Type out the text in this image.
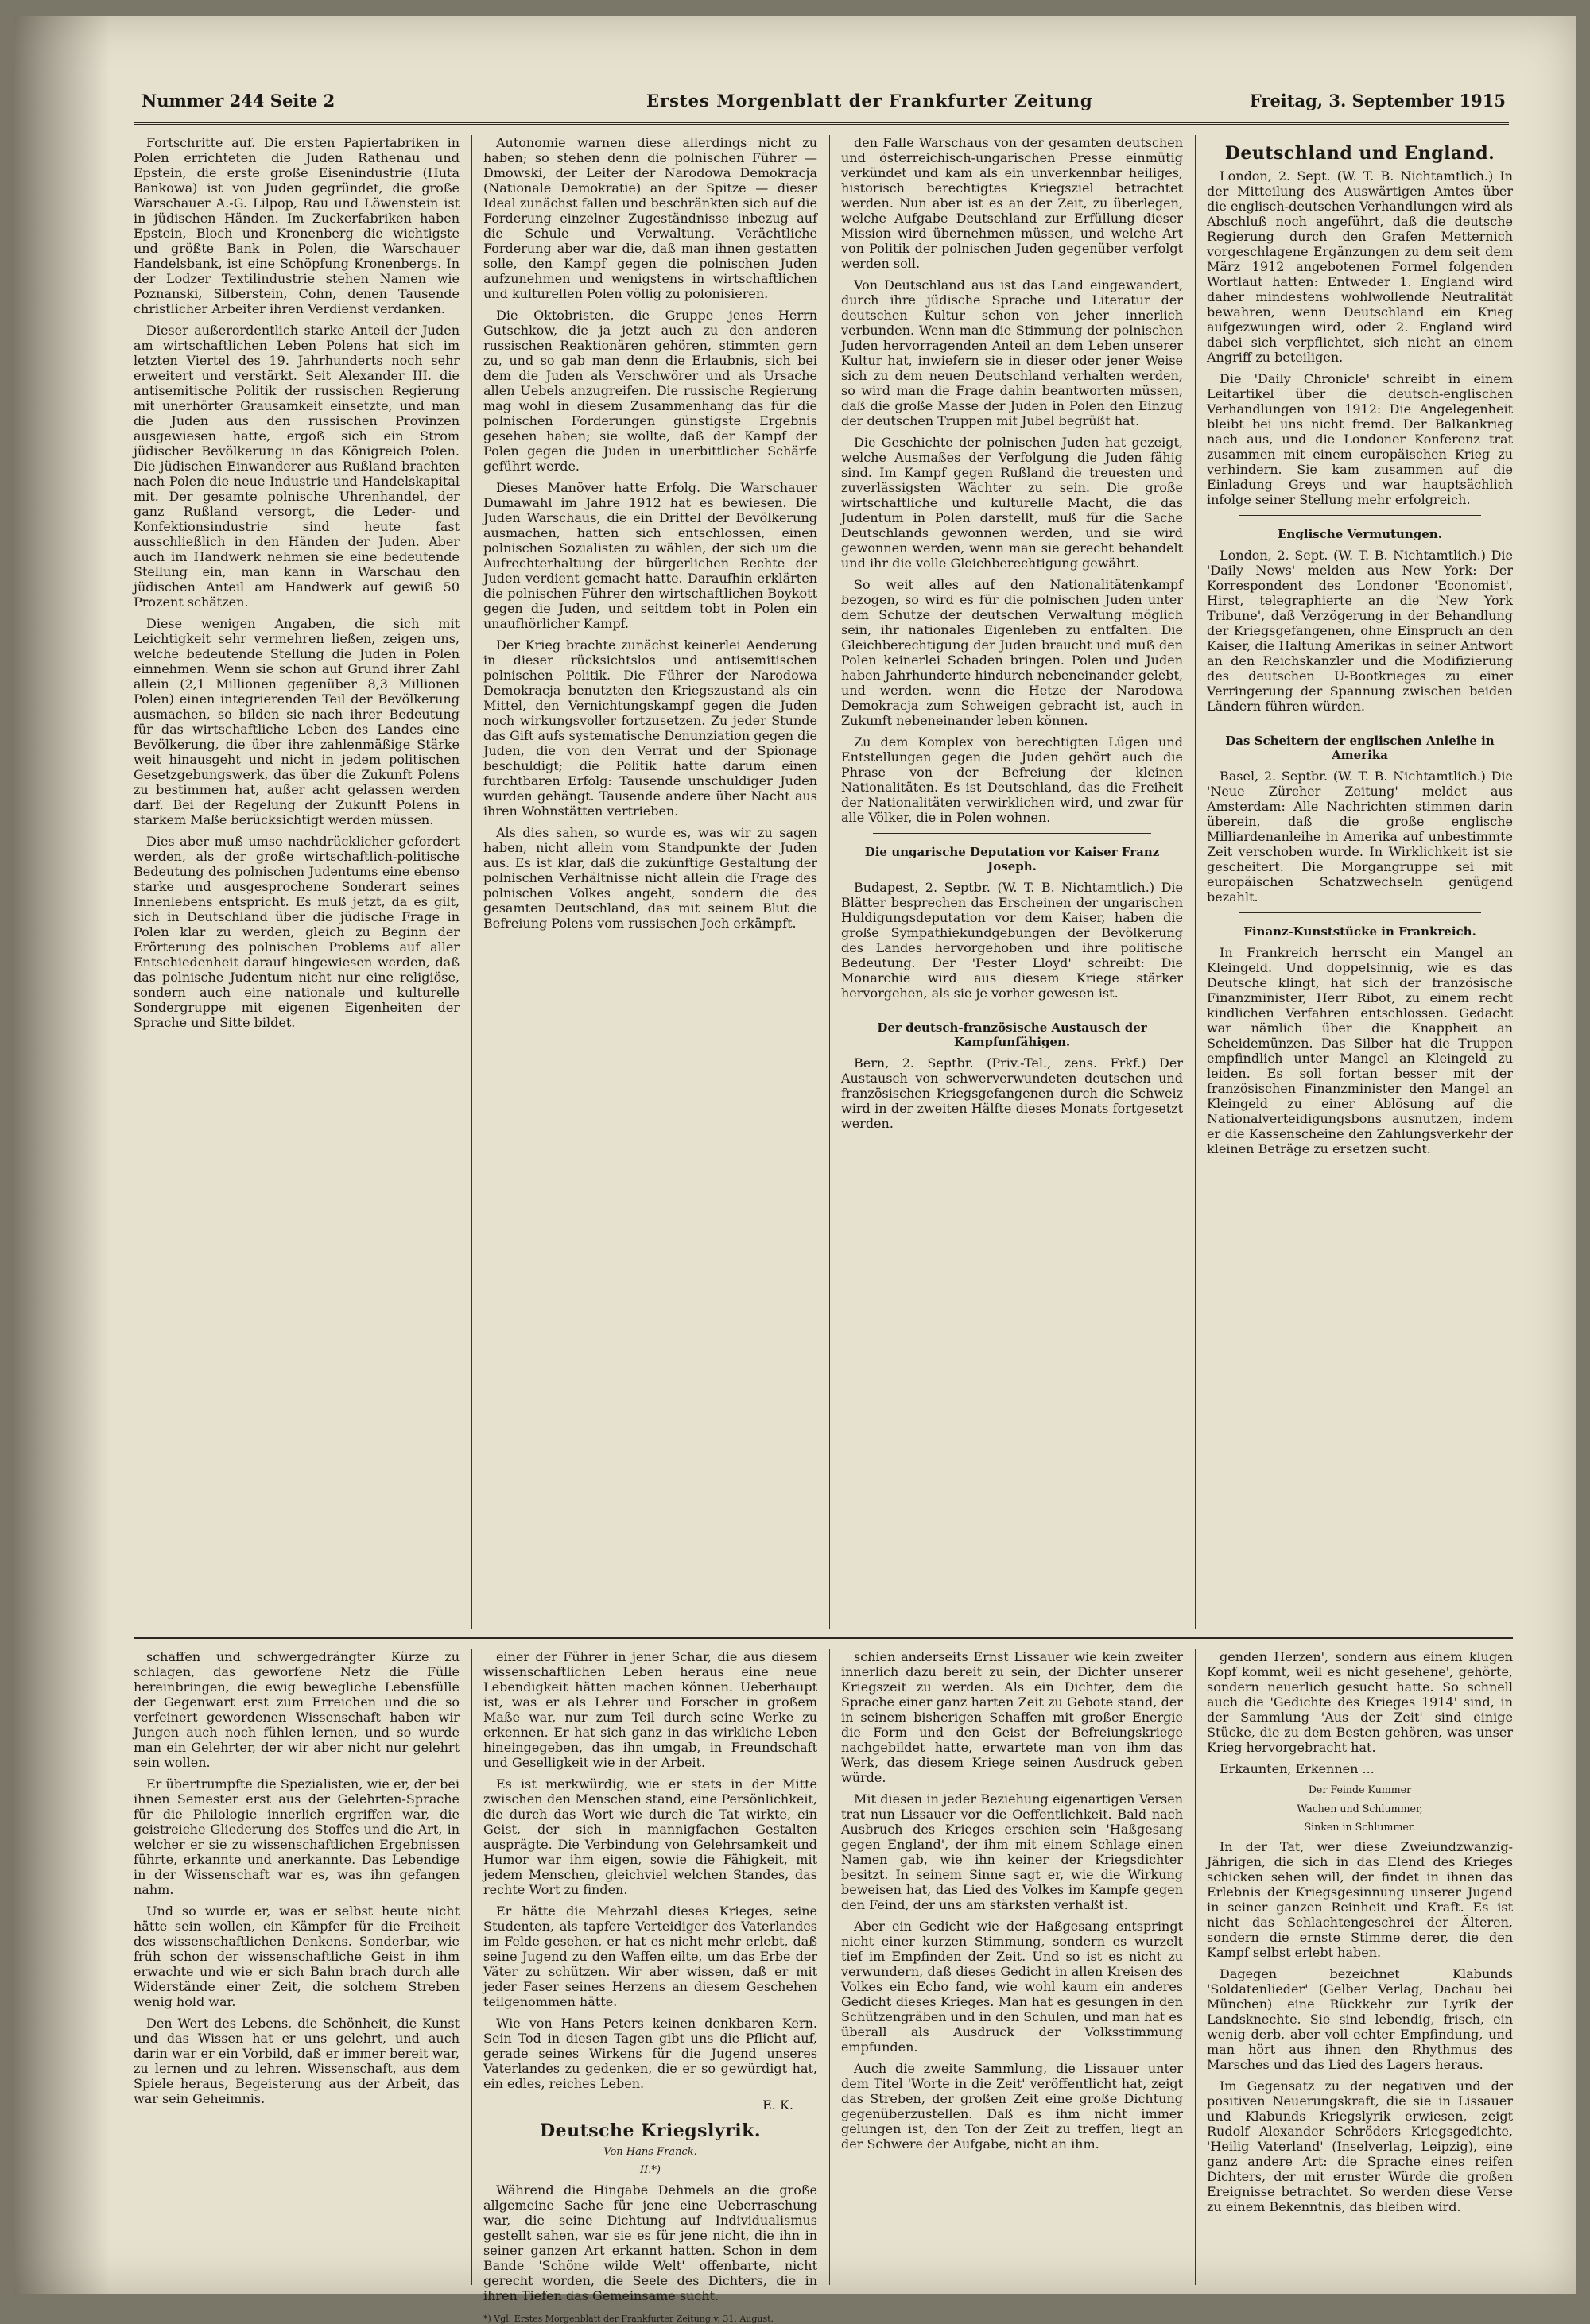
Nummer 244 Seite 2	Erstes Morgenblatt der Frankfurter Zeitung	Freitag, 3. September 1915

Fortschritte auf. Die ersten Papierfabriken in Polen errichteten die Juden Rathenau und Epstein, die erste große Eisenindustrie (Huta Bankowa) ist von Juden gegründet, die große Warschauer A.-G. Lilpop, Rau und Löwenstein ist in jüdischen Händen. Im Zuckerfabriken haben Epstein, Bloch und Kronenberg die wichtigste und größte Bank in Polen, die Warschauer Handelsbank, ist eine Schöpfung Kronenbergs. In der Lodzer Textilindustrie stehen Namen wie Poznanski, Silberstein, Cohn, denen Tausende christlicher Arbeiter ihren Verdienst verdanken.

Dieser außerordentlich starke Anteil der Juden am wirtschaftlichen Leben Polens hat sich im letzten Viertel des 19. Jahrhunderts noch sehr erweitert und verstärkt. Seit Alexander III. die antisemitische Politik der russischen Regierung mit unerhörter Grausamkeit einsetzte, und man die Juden aus den russischen Provinzen ausgewiesen hatte, ergoß sich ein Strom jüdischer Bevölkerung in das Königreich Polen. Die jüdischen Einwanderer aus Rußland brachten nach Polen die neue Industrie und Handelskapital mit. Der gesamte polnische Uhrenhandel, der ganz Rußland versorgt, die Leder- und Konfektionsindustrie sind heute fast ausschließlich in den Händen der Juden. Aber auch im Handwerk nehmen sie eine bedeutende Stellung ein, man kann in Warschau den jüdischen Anteil am Handwerk auf gewiß 50 Prozent schätzen.

Diese wenigen Angaben, die sich mit Leichtigkeit sehr vermehren ließen, zeigen uns, welche bedeutende Stellung die Juden in Polen einnehmen. Wenn sie schon auf Grund ihrer Zahl allein (2,1 Millionen gegenüber 8,3 Millionen Polen) einen integrierenden Teil der Bevölkerung ausmachen, so bilden sie nach ihrer Bedeutung für das wirtschaftliche Leben des Landes eine Bevölkerung, die über ihre zahlenmäßige Stärke weit hinausgeht und nicht in jedem politischen Gesetzgebungswerk, das über die Zukunft Polens zu bestimmen hat, außer acht gelassen werden darf. Bei der Regelung der Zukunft Polens in starkem Maße berücksichtigt werden müssen.

Dies aber muß umso nachdrücklicher gefordert werden, als der große wirtschaftlich-politische Bedeutung des polnischen Judentums eine ebenso starke und ausgesprochene Sonderart seines Innenlebens entspricht. Es muß jetzt, da es gilt, sich in Deutschland über die jüdische Frage in Polen klar zu werden, gleich zu Beginn der Erörterung des polnischen Problems auf aller Entschiedenheit darauf hingewiesen werden, daß das polnische Judentum nicht nur eine religiöse, sondern auch eine nationale und kulturelle Sondergruppe mit eigenen Eigenheiten der Sprache und Sitte bildet.

Autonomie warnen diese allerdings nicht zu haben; so stehen denn die polnischen Führer — Dmowski, der Leiter der Narodowa Demokracja (Nationale Demokratie) an der Spitze — dieser Ideal zunächst fallen und beschränkten sich auf die Forderung einzelner Zugeständnisse inbezug auf die Schule und Verwaltung. Verächtliche Forderung aber war die, daß man ihnen gestatten solle, den Kampf gegen die polnischen Juden aufzunehmen und wenigstens in wirtschaftlichen und kulturellen Polen völlig zu polonisieren.

Die Oktobristen, die Gruppe jenes Herrn Gutschkow, die ja jetzt auch zu den anderen russischen Reaktionären gehören, stimmten gern zu, und so gab man denn die Erlaubnis, sich bei dem die Juden als Verschwörer und als Ursache allen Uebels anzugreifen. Die russische Regierung mag wohl in diesem Zusammenhang das für die polnischen Forderungen günstigste Ergebnis gesehen haben; sie wollte, daß der Kampf der Polen gegen die Juden in unerbittlicher Schärfe geführt werde.

Dieses Manöver hatte Erfolg. Die Warschauer Dumawahl im Jahre 1912 hat es bewiesen. Die Juden Warschaus, die ein Drittel der Bevölkerung ausmachen, hatten sich entschlossen, einen polnischen Sozialisten zu wählen, der sich um die Aufrechterhaltung der bürgerlichen Rechte der Juden verdient gemacht hatte. Daraufhin erklärten die polnischen Führer den wirtschaftlichen Boykott gegen die Juden, und seitdem tobt in Polen ein unaufhörlicher Kampf.

Der Krieg brachte zunächst keinerlei Aenderung in dieser rücksichtslos und antisemitischen polnischen Politik. Die Führer der Narodowa Demokracja benutzten den Kriegszustand als ein Mittel, den Vernichtungskampf gegen die Juden noch wirkungsvoller fortzusetzen. Zu jeder Stunde das Gift aufs systematische Denunziation gegen die Juden, die von den Verrat und der Spionage beschuldigt; die Politik hatte darum einen furchtbaren Erfolg: Tausende unschuldiger Juden wurden gehängt. Tausende andere über Nacht aus ihren Wohnstätten vertrieben.

Als dies sahen, so wurde es, was wir zu sagen haben, nicht allein vom Standpunkte der Juden aus. Es ist klar, daß die zukünftige Gestaltung der polnischen Verhältnisse nicht allein die Frage des polnischen Volkes angeht, sondern die des gesamten Deutschland, das mit seinem Blut die Befreiung Polens vom russischen Joch erkämpft.

den Falle Warschaus von der gesamten deutschen und österreichisch-ungarischen Presse einmütig verkündet und kam als ein unverkennbar heiliges, historisch berechtigtes Kriegsziel betrachtet werden. Nun aber ist es an der Zeit, zu überlegen, welche Aufgabe Deutschland zur Erfüllung dieser Mission wird übernehmen müssen, und welche Art von Politik der polnischen Juden gegenüber verfolgt werden soll.

Von Deutschland aus ist das Land eingewandert, durch ihre jüdische Sprache und Literatur der deutschen Kultur schon von jeher innerlich verbunden. Wenn man die Stimmung der polnischen Juden hervorragenden Anteil an dem Leben unserer Kultur hat, inwiefern sie in dieser oder jener Weise sich zu dem neuen Deutschland verhalten werden, so wird man die Frage dahin beantworten müssen, daß die große Masse der Juden in Polen den Einzug der deutschen Truppen mit Jubel begrüßt hat.

Die Geschichte der polnischen Juden hat gezeigt, welche Ausmaßes der Verfolgung die Juden fähig sind. Im Kampf gegen Rußland die treuesten und zuverlässigsten Wächter zu sein. Die große wirtschaftliche und kulturelle Macht, die das Judentum in Polen darstellt, muß für die Sache Deutschlands gewonnen werden, und sie wird gewonnen werden, wenn man sie gerecht behandelt und ihr die volle Gleichberechtigung gewährt.

So weit alles auf den Nationalitätenkampf bezogen, so wird es für die polnischen Juden unter dem Schutze der deutschen Verwaltung möglich sein, ihr nationales Eigenleben zu entfalten. Die Gleichberechtigung der Juden braucht und muß den Polen keinerlei Schaden bringen. Polen und Juden haben Jahrhunderte hindurch nebeneinander gelebt, und werden, wenn die Hetze der Narodowa Demokracja zum Schweigen gebracht ist, auch in Zukunft nebeneinander leben können.

Zu dem Komplex von berechtigten Lügen und Entstellungen gegen die Juden gehört auch die Phrase von der Befreiung der kleinen Nationalitäten. Es ist Deutschland, das die Freiheit der Nationalitäten verwirklichen wird, und zwar für alle Völker, die in Polen wohnen.

Die ungarische Deputation vor Kaiser Franz Joseph.

Budapest, 2. Septbr. (W. T. B. Nichtamtlich.) Die Blätter besprechen das Erscheinen der ungarischen Huldigungsdeputation vor dem Kaiser, haben die große Sympathiekundgebungen der Bevölkerung des Landes hervorgehoben und ihre politische Bedeutung. Der 'Pester Lloyd' schreibt: Die Monarchie wird aus diesem Kriege stärker hervorgehen, als sie je vorher gewesen ist.

Der deutsch-französische Austausch der Kampfunfähigen.

Bern, 2. Septbr. (Priv.-Tel., zens. Frkf.) Der Austausch von schwerverwundeten deutschen und französischen Kriegsgefangenen durch die Schweiz wird in der zweiten Hälfte dieses Monats fortgesetzt werden.

Deutschland und England.

London, 2. Sept. (W. T. B. Nichtamtlich.) In der Mitteilung des Auswärtigen Amtes über die englisch-deutschen Verhandlungen wird als Abschluß noch angeführt, daß die deutsche Regierung durch den Grafen Metternich vorgeschlagene Ergänzungen zu dem seit dem März 1912 angebotenen Formel folgenden Wortlaut hatten: Entweder 1. England wird daher mindestens wohlwollende Neutralität bewahren, wenn Deutschland ein Krieg aufgezwungen wird, oder 2. England wird dabei sich verpflichtet, sich nicht an einem Angriff zu beteiligen.

Die 'Daily Chronicle' schreibt in einem Leitartikel über die deutsch-englischen Verhandlungen von 1912: Die Angelegenheit bleibt bei uns nicht fremd. Der Balkankrieg nach aus, und die Londoner Konferenz trat zusammen mit einem europäischen Krieg zu verhindern. Sie kam zusammen auf die Einladung Greys und war hauptsächlich infolge seiner Stellung mehr erfolgreich.

Englische Vermutungen.

London, 2. Sept. (W. T. B. Nichtamtlich.) Die 'Daily News' melden aus New York: Der Korrespondent des Londoner 'Economist', Hirst, telegraphierte an die 'New York Tribune', daß Verzögerung in der Behandlung der Kriegsgefangenen, ohne Einspruch an den Kaiser, die Haltung Amerikas in seiner Antwort an den Reichskanzler und die Modifizierung des deutschen U-Bootkrieges zu einer Verringerung der Spannung zwischen beiden Ländern führen würden.

Das Scheitern der englischen Anleihe in Amerika

Basel, 2. Septbr. (W. T. B. Nichtamtlich.) Die 'Neue Zürcher Zeitung' meldet aus Amsterdam: Alle Nachrichten stimmen darin überein, daß die große englische Milliardenanleihe in Amerika auf unbestimmte Zeit verschoben wurde. In Wirklichkeit ist sie gescheitert. Die Morgangruppe sei mit europäischen Schatzwechseln genügend bezahlt.

Finanz-Kunststücke in Frankreich.

In Frankreich herrscht ein Mangel an Kleingeld. Und doppelsinnig, wie es das Deutsche klingt, hat sich der französische Finanzminister, Herr Ribot, zu einem recht kindlichen Verfahren entschlossen. Gedacht war nämlich über die Knappheit an Scheidemünzen. Das Silber hat die Truppen empfindlich unter Mangel an Kleingeld zu leiden. Es soll fortan besser mit der französischen Finanzminister den Mangel an Kleingeld zu einer Ablösung auf die Nationalverteidigungsbons ausnutzen, indem er die Kassenscheine den Zahlungsverkehr der kleinen Beträge zu ersetzen sucht.

schaffen und schwergedrängter Kürze zu schlagen, das geworfene Netz die Fülle hereinbringen, die ewig bewegliche Lebensfülle der Gegenwart erst zum Erreichen und die so verfeinert gewordenen Wissenschaft haben wir Jungen auch noch fühlen lernen, und so wurde man ein Gelehrter, der wir aber nicht nur gelehrt sein wollen.

Er übertrumpfte die Spezialisten, wie er, der bei ihnen Semester erst aus der Gelehrten-Sprache für die Philologie innerlich ergriffen war, die geistreiche Gliederung des Stoffes und die Art, in welcher er sie zu wissenschaftlichen Ergebnissen führte, erkannte und anerkannte. Das Lebendige in der Wissenschaft war es, was ihn gefangen nahm.

Und so wurde er, was er selbst heute nicht hätte sein wollen, ein Kämpfer für die Freiheit des wissenschaftlichen Denkens. Sonderbar, wie früh schon der wissenschaftliche Geist in ihm erwachte und wie er sich Bahn brach durch alle Widerstände einer Zeit, die solchem Streben wenig hold war.

Den Wert des Lebens, die Schönheit, die Kunst und das Wissen hat er uns gelehrt, und auch darin war er ein Vorbild, daß er immer bereit war, zu lernen und zu lehren. Wissenschaft, aus dem Spiele heraus, Begeisterung aus der Arbeit, das war sein Geheimnis.

einer der Führer in jener Schar, die aus diesem wissenschaftlichen Leben heraus eine neue Lebendigkeit hätten machen können. Ueberhaupt ist, was er als Lehrer und Forscher in großem Maße war, nur zum Teil durch seine Werke zu erkennen. Er hat sich ganz in das wirkliche Leben hineingegeben, das ihn umgab, in Freundschaft und Geselligkeit wie in der Arbeit.

Es ist merkwürdig, wie er stets in der Mitte zwischen den Menschen stand, eine Persönlichkeit, die durch das Wort wie durch die Tat wirkte, ein Geist, der sich in mannigfachen Gestalten ausprägte. Die Verbindung von Gelehrsamkeit und Humor war ihm eigen, sowie die Fähigkeit, mit jedem Menschen, gleichviel welchen Standes, das rechte Wort zu finden.

Er hätte die Mehrzahl dieses Krieges, seine Studenten, als tapfere Verteidiger des Vaterlandes im Felde gesehen, er hat es nicht mehr erlebt, daß seine Jugend zu den Waffen eilte, um das Erbe der Väter zu schützen. Wir aber wissen, daß er mit jeder Faser seines Herzens an diesem Geschehen teilgenommen hätte.

Wie von Hans Peters keinen denkbaren Kern. Sein Tod in diesen Tagen gibt uns die Pflicht auf, gerade seines Wirkens für die Jugend unseres Vaterlandes zu gedenken, die er so gewürdigt hat, ein edles, reiches Leben.

E. K.
Deutsche Kriegslyrik.
Von Hans Franck.
II.*)

Während die Hingabe Dehmels an die große allgemeine Sache für jene eine Ueberraschung war, die seine Dichtung auf Individualismus gestellt sahen, war sie es für jene nicht, die ihn in seiner ganzen Art erkannt hatten. Schon in dem Bande 'Schöne wilde Welt' offenbarte, nicht gerecht worden, die Seele des Dichters, die in ihren Tiefen das Gemeinsame sucht.

*) Vgl. Erstes Morgenblatt der Frankfurter Zeitung v. 31. August.

schien anderseits Ernst Lissauer wie kein zweiter innerlich dazu bereit zu sein, der Dichter unserer Kriegszeit zu werden. Als ein Dichter, dem die Sprache einer ganz harten Zeit zu Gebote stand, der in seinem bisherigen Schaffen mit großer Energie die Form und den Geist der Befreiungskriege nachgebildet hatte, erwartete man von ihm das Werk, das diesem Kriege seinen Ausdruck geben würde.

Mit diesen in jeder Beziehung eigenartigen Versen trat nun Lissauer vor die Oeffentlichkeit. Bald nach Ausbruch des Krieges erschien sein 'Haßgesang gegen England', der ihm mit einem Schlage einen Namen gab, wie ihn keiner der Kriegsdichter besitzt. In seinem Sinne sagt er, wie die Wirkung beweisen hat, das Lied des Volkes im Kampfe gegen den Feind, der uns am stärksten verhaßt ist.

Aber ein Gedicht wie der Haßgesang entspringt nicht einer kurzen Stimmung, sondern es wurzelt tief im Empfinden der Zeit. Und so ist es nicht zu verwundern, daß dieses Gedicht in allen Kreisen des Volkes ein Echo fand, wie wohl kaum ein anderes Gedicht dieses Krieges. Man hat es gesungen in den Schützengräben und in den Schulen, und man hat es überall als Ausdruck der Volksstimmung empfunden.

Auch die zweite Sammlung, die Lissauer unter dem Titel 'Worte in die Zeit' veröffentlicht hat, zeigt das Streben, der großen Zeit eine große Dichtung gegenüberzustellen. Daß es ihm nicht immer gelungen ist, den Ton der Zeit zu treffen, liegt an der Schwere der Aufgabe, nicht an ihm.

genden Herzen', sondern aus einem klugen Kopf kommt, weil es nicht gesehene', gehörte, sondern neuerlich gesucht hatte. So schnell auch die 'Gedichte des Krieges 1914' sind, in der Sammlung 'Aus der Zeit' sind einige Stücke, die zu dem Besten gehören, was unser Krieg hervorgebracht hat.

Erkaunten, Erkennen ...

Der Feinde Kummer
Wachen und Schlummer,
Sinken in Schlummer.

In der Tat, wer diese Zweiundzwanzig-Jährigen, die sich in das Elend des Krieges schicken sehen will, der findet in ihnen das Erlebnis der Kriegsgesinnung unserer Jugend in seiner ganzen Reinheit und Kraft. Es ist nicht das Schlachtengeschrei der Älteren, sondern die ernste Stimme derer, die den Kampf selbst erlebt haben.

Dagegen bezeichnet Klabunds 'Soldatenlieder' (Gelber Verlag, Dachau bei München) eine Rückkehr zur Lyrik der Landsknechte. Sie sind lebendig, frisch, ein wenig derb, aber voll echter Empfindung, und man hört aus ihnen den Rhythmus des Marsches und das Lied des Lagers heraus.

Im Gegensatz zu der negativen und der positiven Neuerungskraft, die sie in Lissauer und Klabunds Kriegslyrik erwiesen, zeigt Rudolf Alexander Schröders Kriegsgedichte, 'Heilig Vaterland' (Inselverlag, Leipzig), eine ganz andere Art: die Sprache eines reifen Dichters, der mit ernster Würde die großen Ereignisse betrachtet. So werden diese Verse zu einem Bekenntnis, das bleiben wird.
